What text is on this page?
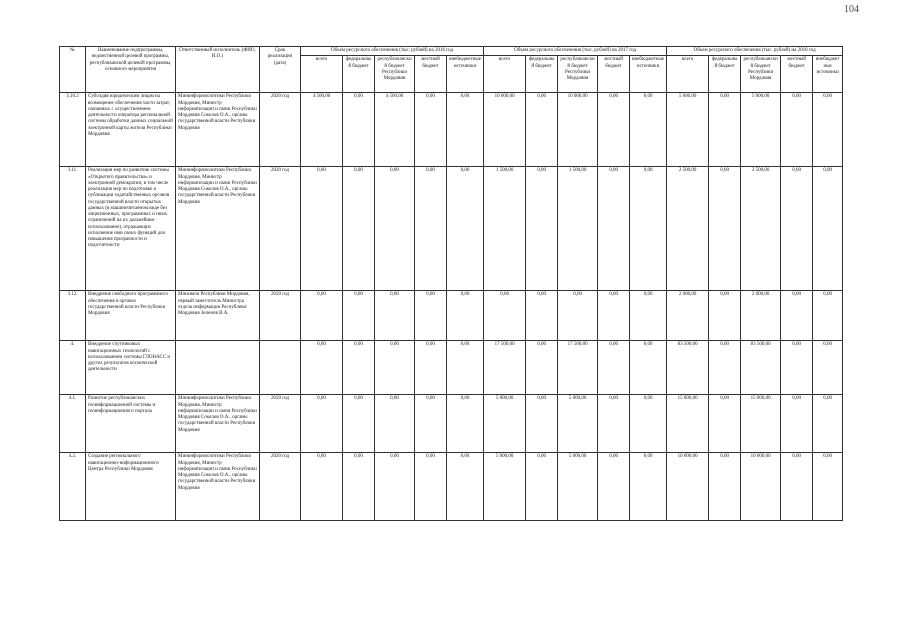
104
№	Наименование подпрограммы, ведомственной целевой программы, республиканской целевой программы, основного мероприятия	Ответственный исполнитель (ФИО, И.О.)	Срок реализации (дата)	Объем ресурсного обеспечения (тыс. рублей) на 2016 год					Объем ресурсного обеспечения (тыс. рублей) на 2017 год					Объем ресурсного обеспечения (тыс. рублей) на 2018 год				
				всего	федеральный бюджет	республиканский бюджет Республики Мордовия	местный бюджет	внебюджетные источники	всего	федеральный бюджет	республиканский бюджет Республики Мордовия	местный бюджет	внебюджетные источники	всего	федеральный бюджет	республиканский бюджет Республики Мордовия	местный бюджет	внебюджетные источники
3.10.2	Субсидия юридическим лицам на возмещение обеспечения части затрат, связанных с осуществлением деятельности оператора региональной системы обработки данных социальной электронной карты жителя Республики Мордовия	Мининформполитики Республики Мордовия, Министр информатизации и связи Республики Мордовия Соколов О.А., органы государственной власти Республики Мордовия	2020 год	4 500,00	0,00	4 500,00	0,00	0,00	10 000,00	0,00	10 000,00	0,00	0,00	5 000,00	0,00	5 000,00	0,00	0,00
3.11.	Реализация мер по развитию системы «Открытого правительства» и электронной демократии, в том числе реализация мер по подготовке и публикации ходатайственных органов государственной власти открытых данных (в машиночитаемом виде без лицензионных, программных и иных ограничений на их дальнейшее использование), отражающих исполнение ими своих функций для повышения прозрачности и подотчетности	Мининформполитики Республики Мордовия, Министр информатизации и связи Республики Мордовия Соколов О.А., органы государственной власти Республики Мордовия	2020 год	0,00	0,00	0,00	0,00	0,00	1 500,00	0,00	1 500,00	0,00	0,00	2 500,00	0,00	2 500,00	0,00	0,00
3.12.	Внедрение свободного программного обеспечения в органах государственной власти Республики Мордовия	Минсвязи Республики Мордовия, первый заместитель Министра отдела информации Республики Мордовия Зеленов В.А.	2020 год	0,00	0,00	0,00	0,00	0,00	0,00	0,00	0,00	0,00	0,00	2 000,00	0,00	2 000,00	0,00	0,00
4.	Внедрение спутниковых навигационных технологий с использованием системы ГЛОНАСС и других результатов космической деятельности			0,00	0,00	0,00	0,00	0,00	17 500,00	0,00	17 500,00	0,00	0,00	83 500,00	0,00	83 500,00	0,00	0,00
4.1.	Развитие республиканских геоинформационной системы и геоинформационного портала	Мининформполитики Республики Мордовия, Министр информатизации и связи Республики Мордовия Соколов О.А., органы государственной власти Республики Мордовия	2020 год	0,00	0,00	0,00	0,00	0,00	5 000,00	0,00	5 000,00	0,00	0,00	15 000,00	0,00	15 000,00	0,00	0,00
4.2.	Создание регионального навигационно-информационного Центра Республики Мордовия	Мининформполитики Республики Мордовия, Министр информатизации и связи Республики Мордовия Соколов О.А., органы государственной власти Республики Мордовия	2020 год	0,00	0,00	0,00	0,00	0,00	5 000,00	0,00	5 000,00	0,00	0,00	10 000,00	0,00	10 000,00	0,00	0,00
